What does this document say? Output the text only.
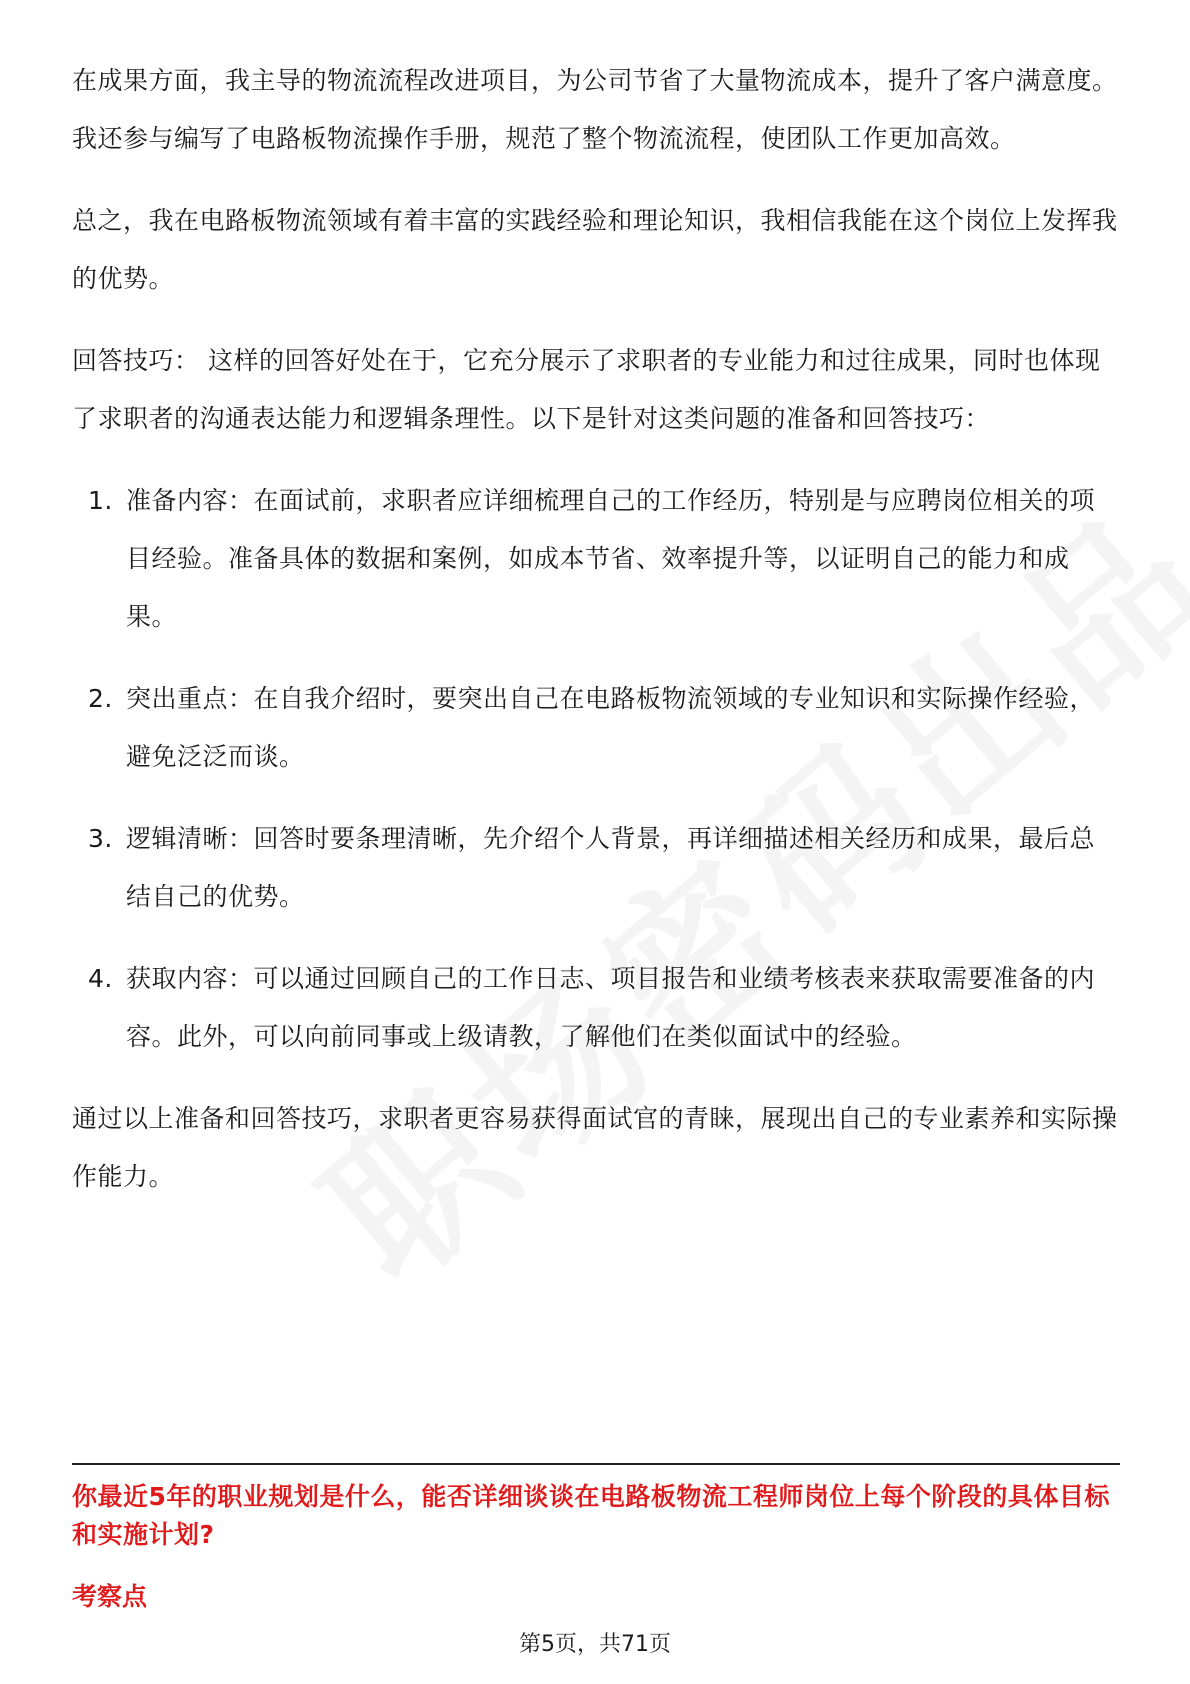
在成果方面，我主导的物流流程改进项目，为公司节省了大量物流成本，提升了客户满意度。我还参与编写了电路板物流操作手册，规范了整个物流流程，使团队工作更加高效。

总之，我在电路板物流领域有着丰富的实践经验和理论知识，我相信我能在这个岗位上发挥我的优势。

回答技巧： 这样的回答好处在于，它充分展示了求职者的专业能力和过往成果，同时也体现了求职者的沟通表达能力和逻辑条理性。以下是针对这类问题的准备和回答技巧：

1. 准备内容：在面试前，求职者应详细梳理自己的工作经历，特别是与应聘岗位相关的项目经验。准备具体的数据和案例，如成本节省、效率提升等，以证明自己的能力和成果。
2. 突出重点：在自我介绍时，要突出自己在电路板物流领域的专业知识和实际操作经验，避免泛泛而谈。
3. 逻辑清晰：回答时要条理清晰，先介绍个人背景，再详细描述相关经历和成果，最后总结自己的优势。
4. 获取内容：可以通过回顾自己的工作日志、项目报告和业绩考核表来获取需要准备的内容。此外，可以向前同事或上级请教，了解他们在类似面试中的经验。

通过以上准备和回答技巧，求职者更容易获得面试官的青睐，展现出自己的专业素养和实际操作能力。

你最近5年的职业规划是什么，能否详细谈谈在电路板物流工程师岗位上每个阶段的具体目标和实施计划?
考察点
第5页，共71页
